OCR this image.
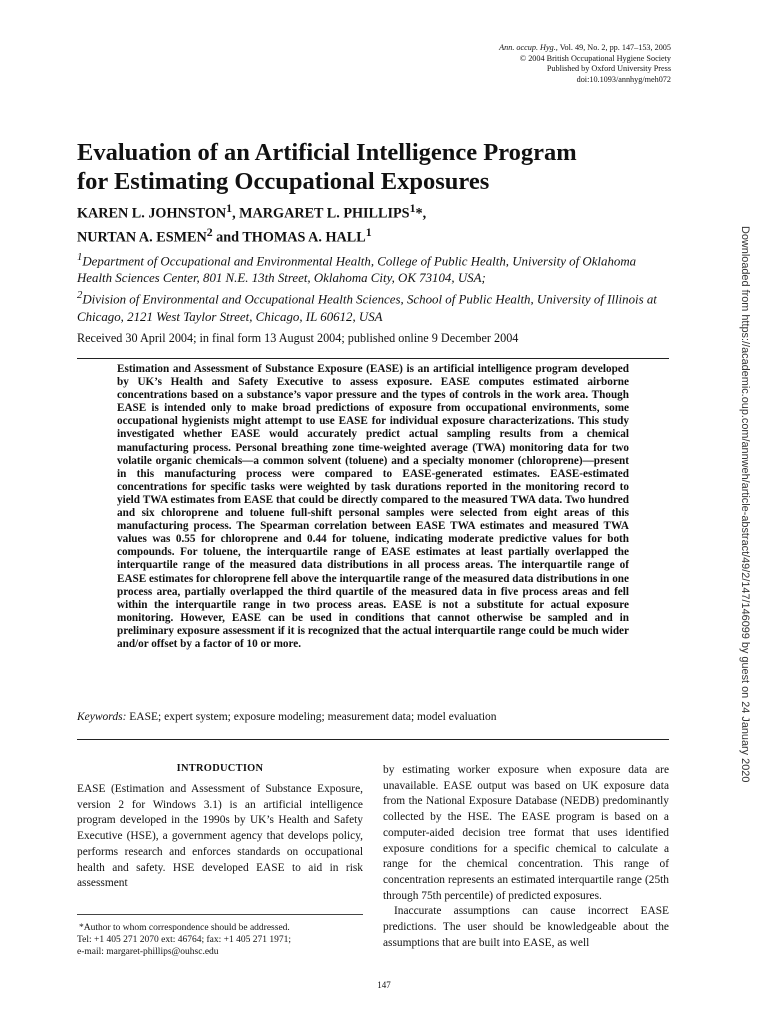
Ann. occup. Hyg., Vol. 49, No. 2, pp. 147–153, 2005
© 2004 British Occupational Hygiene Society
Published by Oxford University Press
doi:10.1093/annhyg/meh072
Evaluation of an Artificial Intelligence Program
for Estimating Occupational Exposures
KAREN L. JOHNSTON$^1$, MARGARET L. PHILLIPS$^1$*,
NURTAN A. ESMEN$^2$ and THOMAS A. HALL$^1$

$^1$Department of Occupational and Environmental Health, College of Public Health, University of Oklahoma Health Sciences Center, 801 N.E. 13th Street, Oklahoma City, OK 73104, USA;

$^2$Division of Environmental and Occupational Health Sciences, School of Public Health, University of Illinois at Chicago, 2121 West Taylor Street, Chicago, IL 60612, USA

Received 30 April 2004; in final form 13 August 2004; published online 9 December 2004

Estimation and Assessment of Substance Exposure (EASE) is an artificial intelligence program developed by UK’s Health and Safety Executive to assess exposure. EASE computes estimated airborne concentrations based on a substance’s vapor pressure and the types of controls in the work area. Though EASE is intended only to make broad predictions of exposure from occupational environments, some occupational hygienists might attempt to use EASE for individual exposure characterizations. This study investigated whether EASE would accurately predict actual sampling results from a chemical manufacturing process. Personal breathing zone time-weighted average (TWA) monitoring data for two volatile organic chemicals—a common solvent (toluene) and a specialty monomer (chloroprene)—present in this manufacturing process were compared to EASE-generated estimates. EASE-estimated concentrations for specific tasks were weighted by task durations reported in the monitoring record to yield TWA estimates from EASE that could be directly compared to the measured TWA data. Two hundred and six chloroprene and toluene full-shift personal samples were selected from eight areas of this manufacturing process. The Spearman correlation between EASE TWA estimates and measured TWA values was 0.55 for chloroprene and 0.44 for toluene, indicating moderate predictive values for both compounds. For toluene, the interquartile range of EASE estimates at least partially overlapped the interquartile range of the measured data distributions in all process areas. The interquartile range of EASE estimates for chloroprene fell above the interquartile range of the measured data distributions in one process area, partially overlapped the third quartile of the measured data in five process areas and fell within the interquartile range in two process areas. EASE is not a substitute for actual exposure monitoring. However, EASE can be used in conditions that cannot otherwise be sampled and in preliminary exposure assessment if it is recognized that the actual interquartile range could be much wider and/or offset by a factor of 10 or more.

Keywords: EASE; expert system; exposure modeling; measurement data; model evaluation
INTRODUCTION

EASE (Estimation and Assessment of Substance Exposure, version 2 for Windows 3.1) is an artificial intelligence program developed in the 1990s by UK’s Health and Safety Executive (HSE), a government agency that develops policy, performs research and enforces standards on occupational health and safety. HSE developed EASE to aid in risk assessment

by estimating worker exposure when exposure data are unavailable. EASE output was based on UK exposure data from the National Exposure Database (NEDB) predominantly collected by the HSE. The EASE program is based on a computer-aided decision tree format that uses identified exposure conditions for a specific chemical to calculate a range for the chemical concentration. This range of concentration represents an estimated interquartile range (25th through 75th percentile) of predicted exposures.

Inaccurate assumptions can cause incorrect EASE predictions. The user should be knowledgeable about the assumptions that are built into EASE, as well

*Author to whom correspondence should be addressed.

Tel: +1 405 271 2070 ext: 46764; fax: +1 405 271 1971;

e-mail: margaret-phillips@ouhsc.edu

147
Downloaded from https://academic.oup.com/annweh/article-abstract/49/2/147/146099 by guest on 24 January 2020
